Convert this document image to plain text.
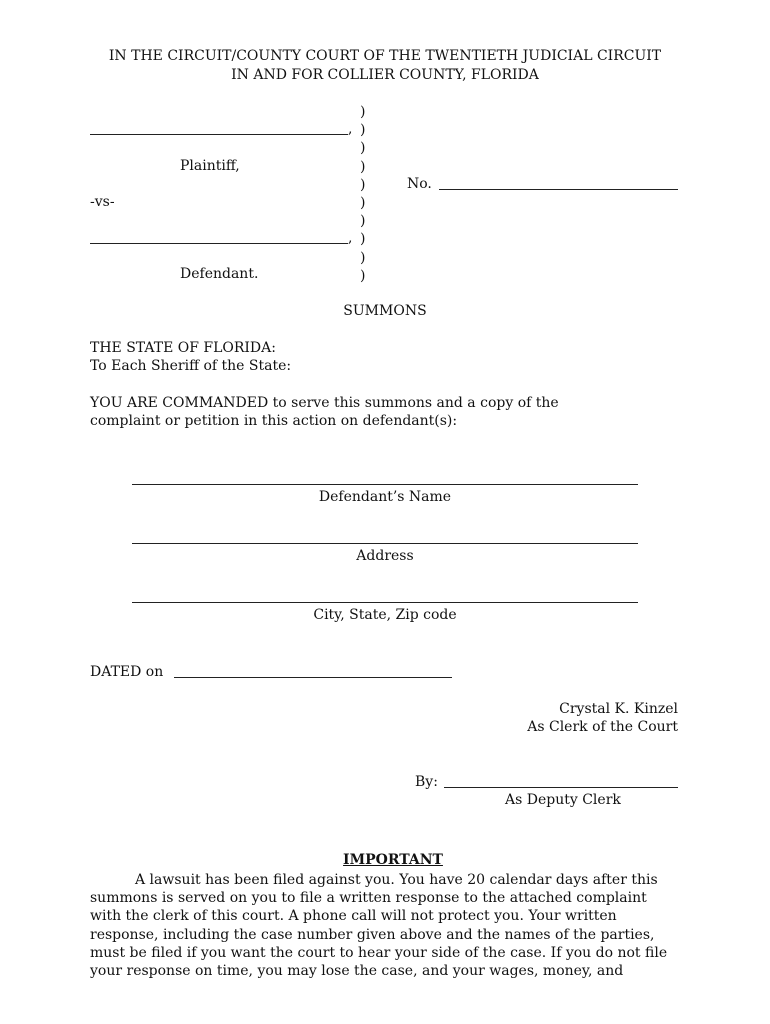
IN THE CIRCUIT/COUNTY COURT OF THE TWENTIETH JUDICIAL CIRCUIT
IN AND FOR COLLIER COUNTY, FLORIDA
,
Plaintiff,
-vs-
,
Defendant.
)
)
)
)
)
)
)
)
)
)
No.
SUMMONS
THE STATE OF FLORIDA:
To Each Sheriff of the State:
YOU ARE COMMANDED to serve this summons and a copy of the
complaint or petition in this action on defendant(s):
Defendant’s Name
Address
City, State, Zip code
DATED on
Crystal K. Kinzel
As Clerk of the Court
By:
As Deputy Clerk
IMPORTANT
A lawsuit has been filed against you. You have 20 calendar days after this
summons is served on you to file a written response to the attached complaint
with the clerk of this court. A phone call will not protect you. Your written
response, including the case number given above and the names of the parties,
must be filed if you want the court to hear your side of the case. If you do not file
your response on time, you may lose the case, and your wages, money, and
